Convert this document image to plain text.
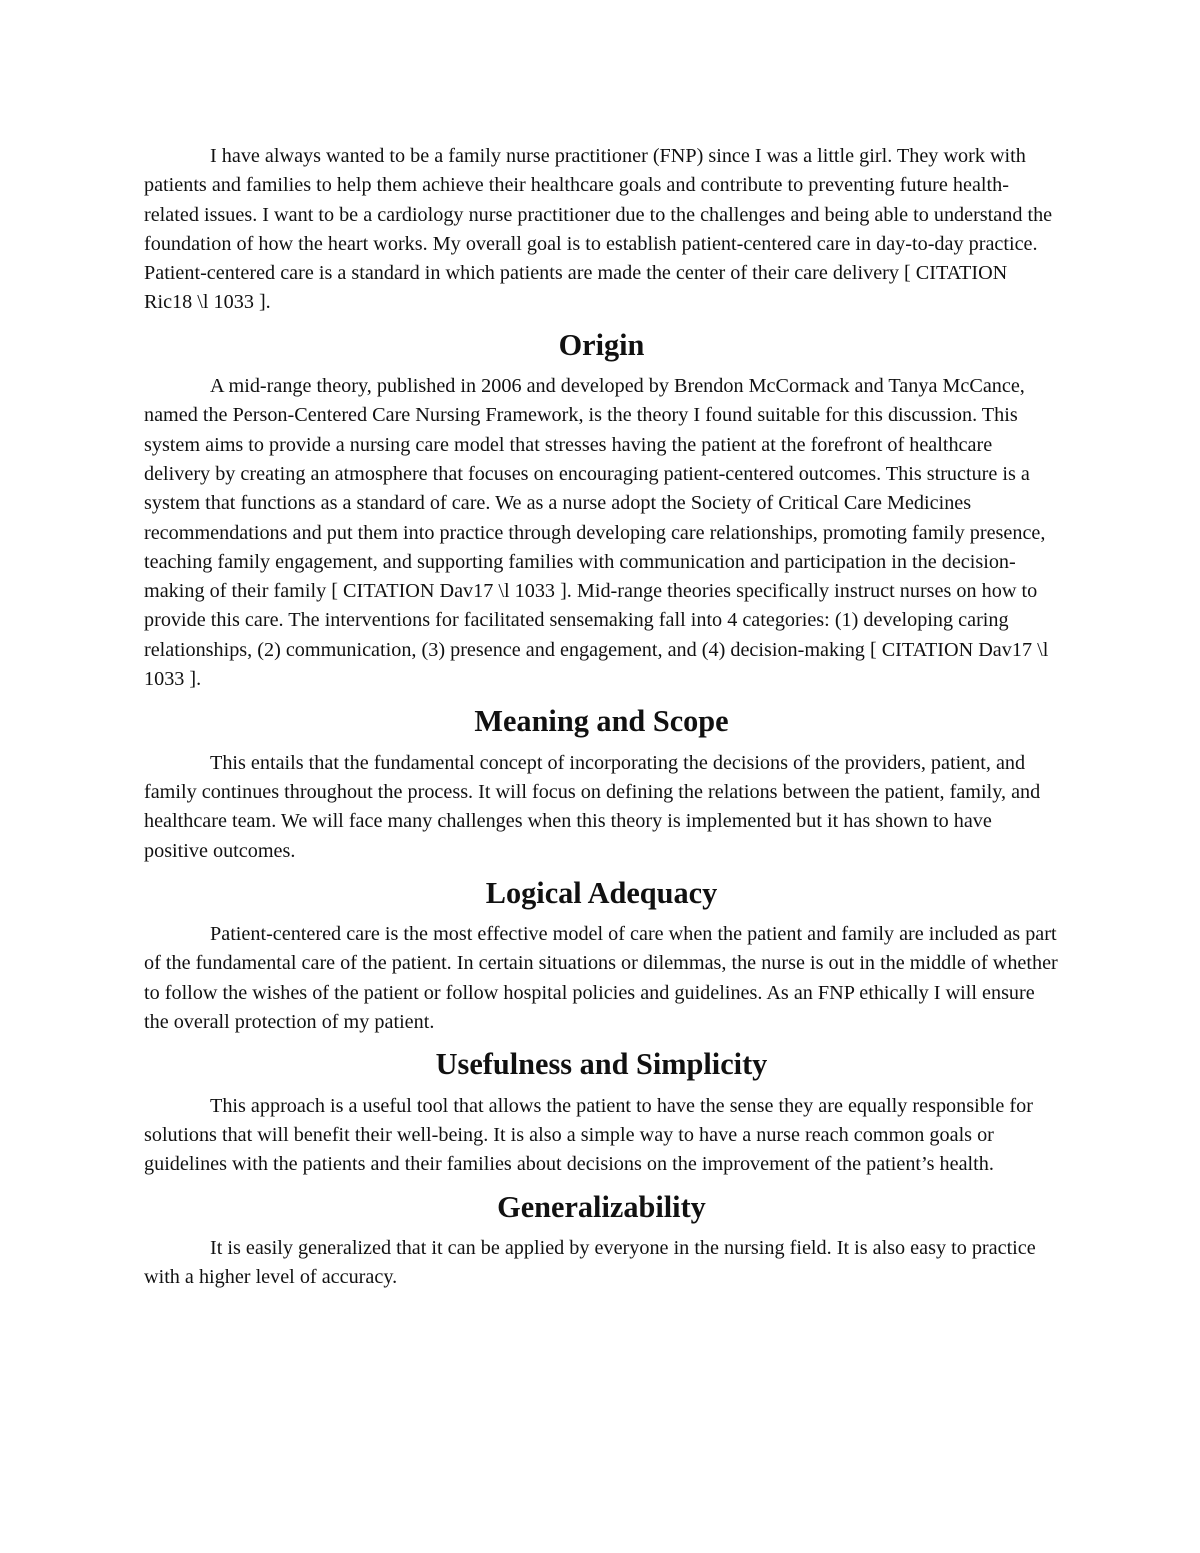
I have always wanted to be a family nurse practitioner (FNP) since I was a little girl. They work with patients and families to help them achieve their healthcare goals and contribute to preventing future health-related issues. I want to be a cardiology nurse practitioner due to the challenges and being able to understand the foundation of how the heart works. My overall goal is to establish patient-centered care in day-to-day practice. Patient-centered care is a standard in which patients are made the center of their care delivery [ CITATION Ric18 \l 1033 ].

Origin

A mid-range theory, published in 2006 and developed by Brendon McCormack and Tanya McCance, named the Person-Centered Care Nursing Framework, is the theory I found suitable for this discussion. This system aims to provide a nursing care model that stresses having the patient at the forefront of healthcare delivery by creating an atmosphere that focuses on encouraging patient-centered outcomes. This structure is a system that functions as a standard of care. We as a nurse adopt the Society of Critical Care Medicines recommendations and put them into practice through developing care relationships, promoting family presence, teaching family engagement, and supporting families with communication and participation in the decision-making of their family [ CITATION Dav17 \l 1033 ]. Mid-range theories specifically instruct nurses on how to provide this care. The interventions for facilitated sensemaking fall into 4 categories: (1) developing caring relationships, (2) communication, (3) presence and engagement, and (4) decision-making [ CITATION Dav17 \l 1033 ].

Meaning and Scope

This entails that the fundamental concept of incorporating the decisions of the providers, patient, and family continues throughout the process. It will focus on defining the relations between the patient, family, and healthcare team. We will face many challenges when this theory is implemented but it has shown to have positive outcomes.

Logical Adequacy

Patient-centered care is the most effective model of care when the patient and family are included as part of the fundamental care of the patient. In certain situations or dilemmas, the nurse is out in the middle of whether to follow the wishes of the patient or follow hospital policies and guidelines. As an FNP ethically I will ensure the overall protection of my patient.

Usefulness and Simplicity

This approach is a useful tool that allows the patient to have the sense they are equally responsible for solutions that will benefit their well-being. It is also a simple way to have a nurse reach common goals or guidelines with the patients and their families about decisions on the improvement of the patient’s health.

Generalizability

It is easily generalized that it can be applied by everyone in the nursing field. It is also easy to practice with a higher level of accuracy.
